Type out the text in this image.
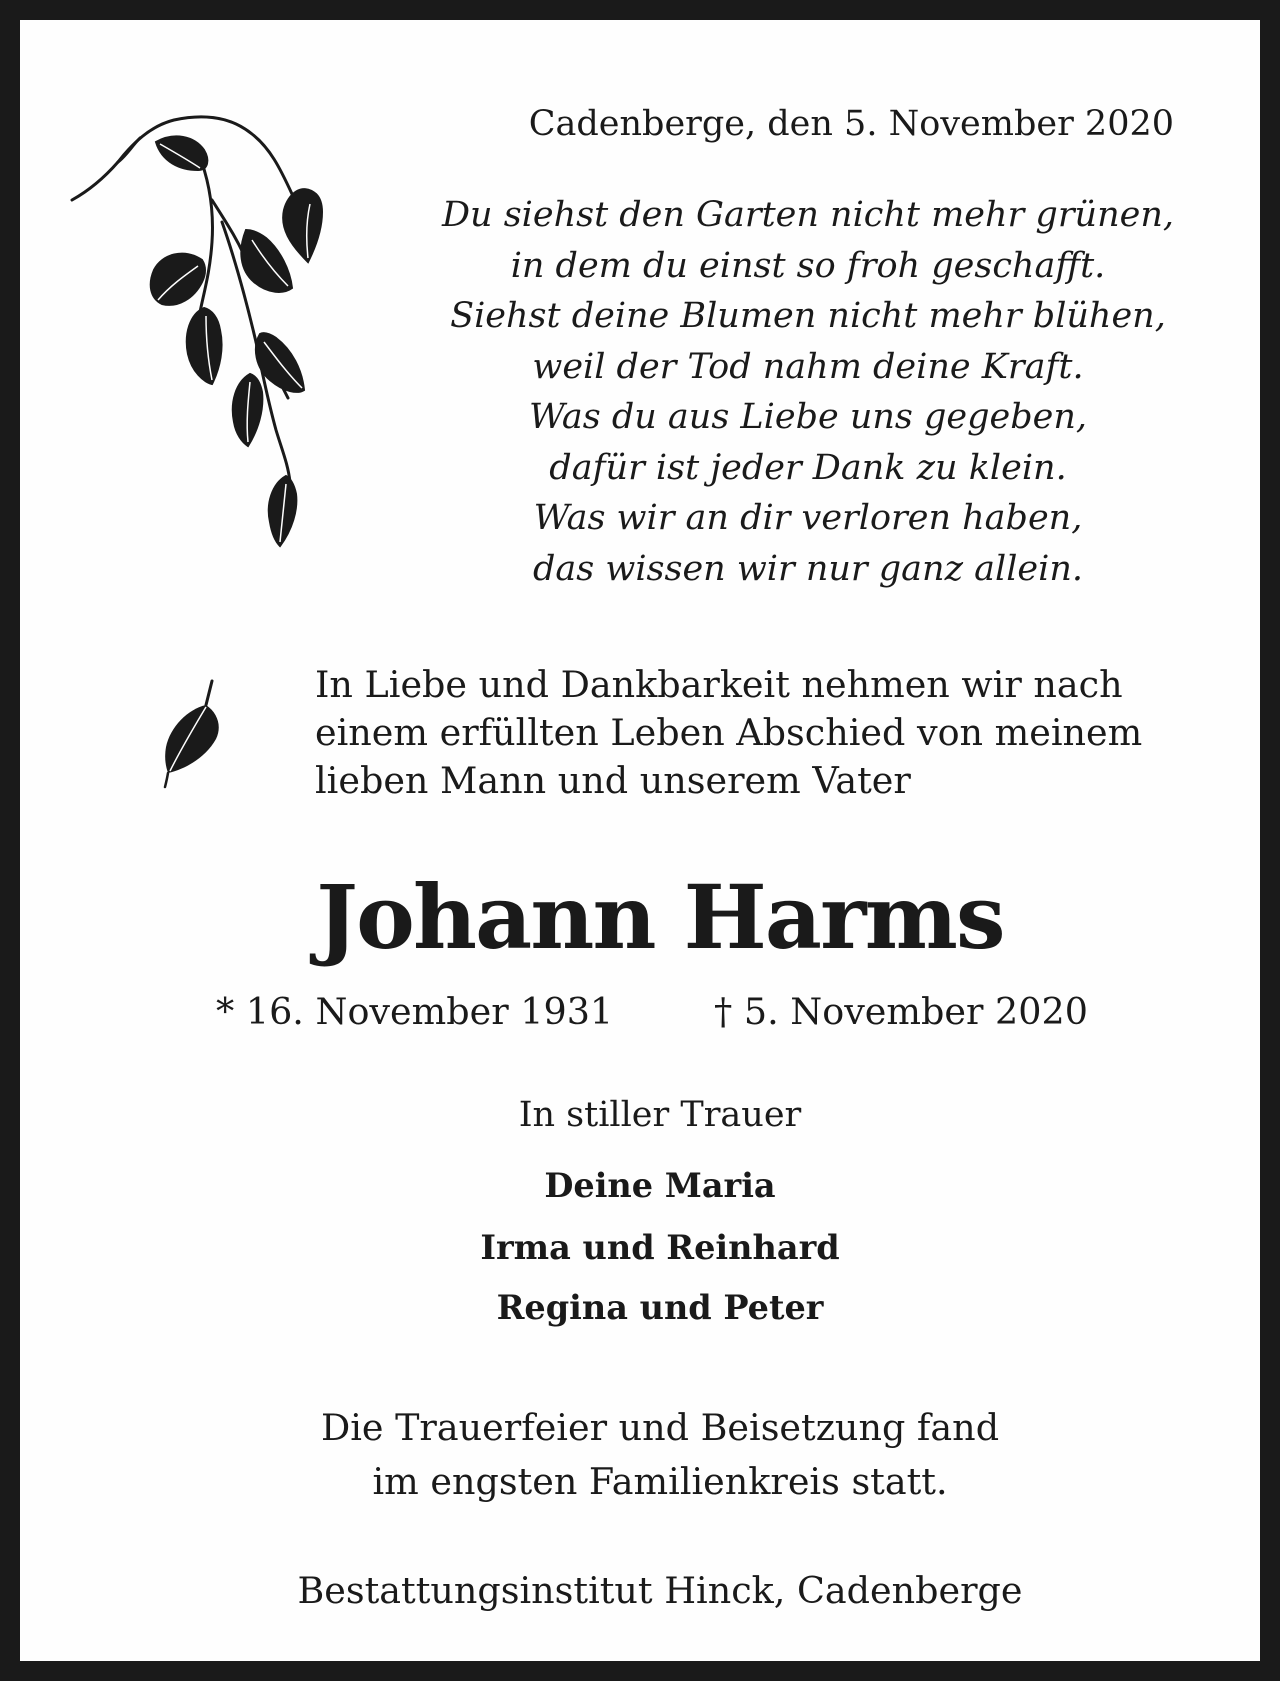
Cadenberge, den 5. November 2020
Du siehst den Garten nicht mehr grünen,
in dem du einst so froh geschafft.
Siehst deine Blumen nicht mehr blühen,
weil der Tod nahm deine Kraft.
Was du aus Liebe uns gegeben,
dafür ist jeder Dank zu klein.
Was wir an dir verloren haben,
das wissen wir nur ganz allein.
In Liebe und Dankbarkeit nehmen wir nach
einem erfüllten Leben Abschied von meinem
lieben Mann und unserem Vater
Johann Harms
* 16. November 1931	† 5. November 2020
In stiller Trauer
Deine Maria
Irma und Reinhard
Regina und Peter
Die Trauerfeier und Beisetzung fand
im engsten Familienkreis statt.
Bestattungsinstitut Hinck, Cadenberge
